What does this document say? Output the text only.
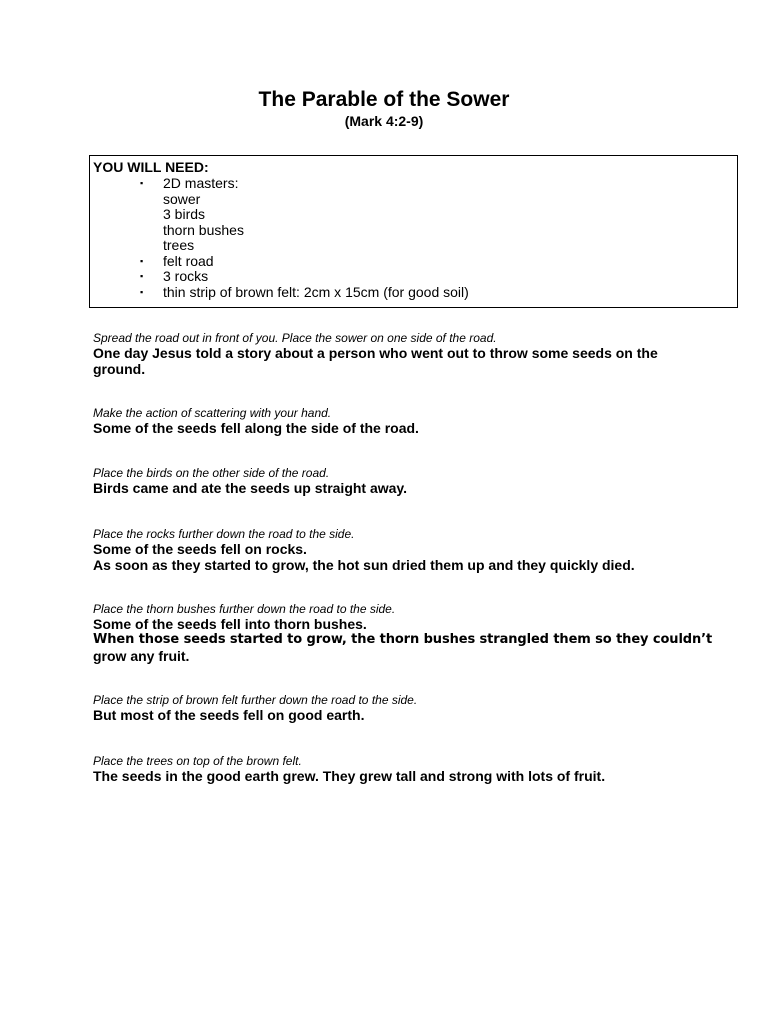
The Parable of the Sower
(Mark 4:2-9)
YOU WILL NEED:
▪ 2D masters:
sower
3 birds
thorn bushes
trees
▪ felt road
▪ 3 rocks
▪ thin strip of brown felt: 2cm x 15cm (for good soil)
Spread the road out in front of you. Place the sower on one side of the road.
One day Jesus told a story about a person who went out to throw some seeds on the
ground.
Make the action of scattering with your hand.
Some of the seeds fell along the side of the road.
Place the birds on the other side of the road.
Birds came and ate the seeds up straight away.
Place the rocks further down the road to the side.
Some of the seeds fell on rocks.
As soon as they started to grow, the hot sun dried them up and they quickly died.
Place the thorn bushes further down the road to the side.
Some of the seeds fell into thorn bushes.
When those seeds started to grow, the thorn bushes strangled them so they couldn’t
grow any fruit.
Place the strip of brown felt further down the road to the side.
But most of the seeds fell on good earth.
Place the trees on top of the brown felt.
The seeds in the good earth grew. They grew tall and strong with lots of fruit.
